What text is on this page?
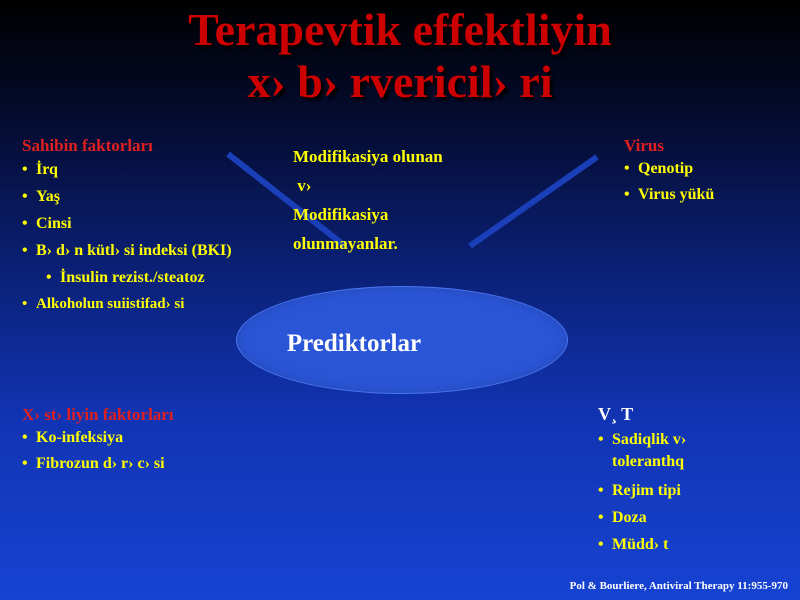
Terapevtik effektliyin
x› b› rvericil› ri
Sahibin faktorları
• İrq
• Yaş
• Cinsi
• B› d› n kütl› si indeksi (BKI)
• İnsulin rezist./steatoz
• Alkoholun suiistifad› si
Modifikasiya olunan
v›
Modifikasiya
olunmayanlar.
Virus
• Qenotip
• Virus yükü
Prediktorlar
X› st› liyin faktorları
• Ko-infeksiya
• Fibrozun d› r› c› si
V¸ T
• Sadiqlik v› toleranthq
• Rejim tipi
• Doza
• Müdd› t
Pol & Bourliere, Antiviral Therapy 11:955-970
